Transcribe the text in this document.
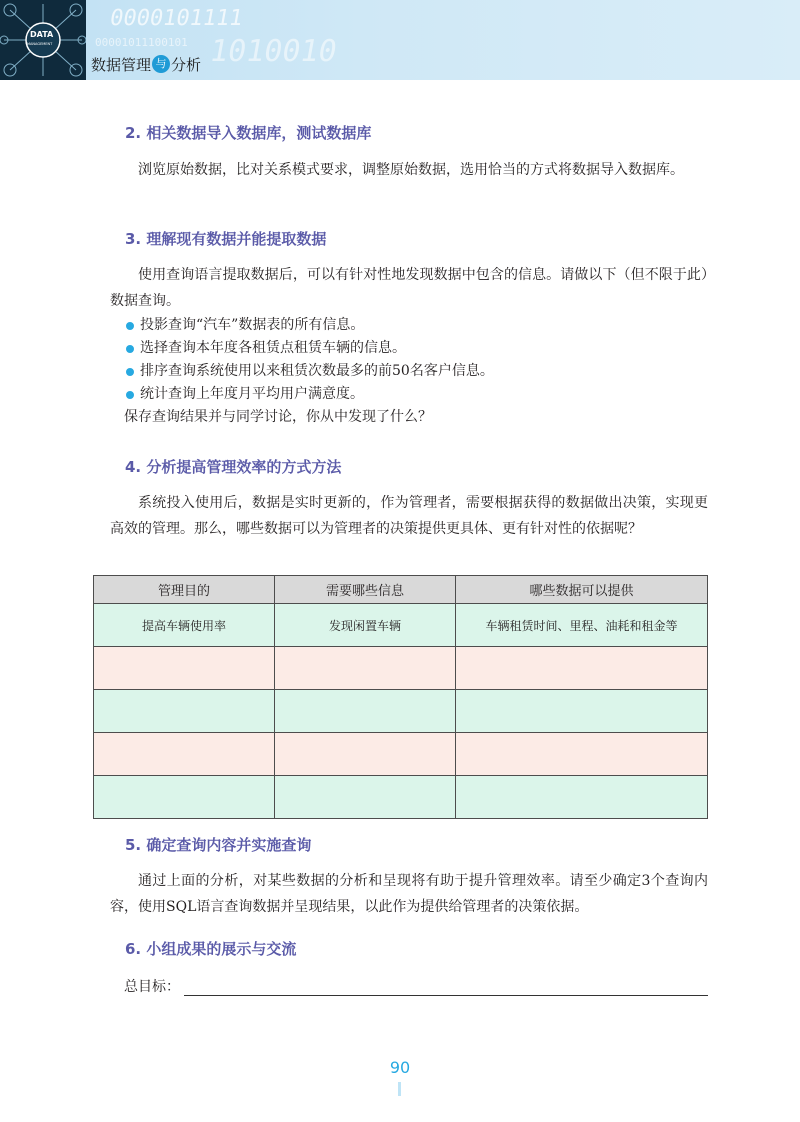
DATA
MANAGEMENT
0000101111
00001011100101 1010010
数据管理 与 分析
2. 相关数据导入数据库，测试数据库

浏览原始数据，比对关系模式要求，调整原始数据，选用恰当的方式将数据导入数据库。

3. 理解现有数据并能提取数据

使用查询语言提取数据后，可以有针对性地发现数据中包含的信息。请做以下（但不限于此）数据查询。

投影查询“汽车”数据表的所有信息。
选择查询本年度各租赁点租赁车辆的信息。
排序查询系统使用以来租赁次数最多的前50名客户信息。
统计查询上年度月平均用户满意度。

保存查询结果并与同学讨论，你从中发现了什么？

4. 分析提高管理效率的方式方法

系统投入使用后，数据是实时更新的，作为管理者，需要根据获得的数据做出决策，实现更高效的管理。那么，哪些数据可以为管理者的决策提供更具体、更有针对性的依据呢？

管理目的	需要哪些信息	哪些数据可以提供
提高车辆使用率	发现闲置车辆	车辆租赁时间、里程、油耗和租金等

5. 确定查询内容并实施查询

通过上面的分析，对某些数据的分析和呈现将有助于提升管理效率。请至少确定3个查询内容，使用SQL语言查询数据并呈现结果，以此作为提供给管理者的决策依据。

6. 小组成果的展示与交流
总目标：
90
